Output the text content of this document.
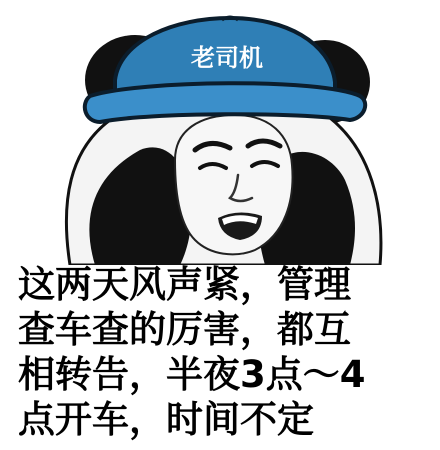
老司机
这两天风声紧，管理
查车查的厉害，都互
相转告，半夜3点～4
点开车，时间不定
